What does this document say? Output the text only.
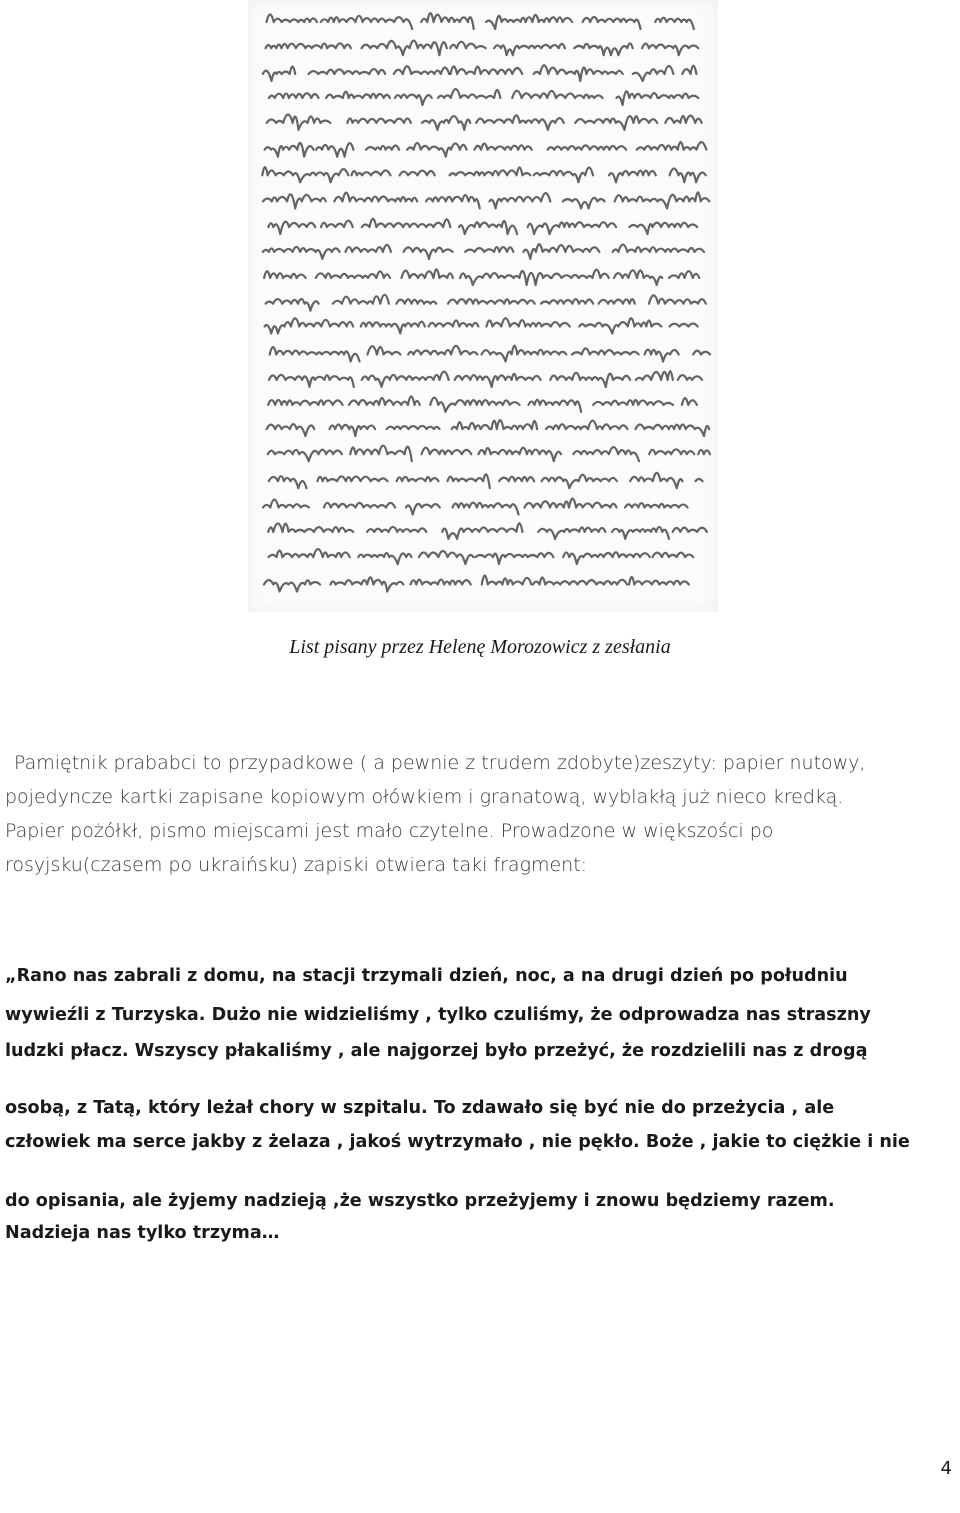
List pisany przez Helenę Morozowicz z zesłania
Pamiętnik prababci to przypadkowe ( a pewnie z trudem zdobyte)zeszyty: papier nutowy,
pojedyncze kartki zapisane kopiowym ołówkiem i granatową, wyblakłą już nieco kredką.
Papier pożółkł, pismo miejscami jest mało czytelne. Prowadzone w większości po
rosyjsku(czasem po ukraińsku) zapiski otwiera taki fragment:
„Rano nas zabrali z domu, na stacji trzymali dzień, noc, a na drugi dzień po południu
wywieźli z Turzyska. Dużo nie widzieliśmy , tylko czuliśmy, że odprowadza nas straszny
ludzki płacz. Wszyscy płakaliśmy , ale najgorzej było przeżyć, że rozdzielili nas z drogą
osobą, z Tatą, który leżał chory w szpitalu. To zdawało się być nie do przeżycia , ale
człowiek ma serce jakby z żelaza , jakoś wytrzymało , nie pękło. Boże , jakie to ciężkie i nie
do opisania, ale żyjemy nadzieją ,że wszystko przeżyjemy i znowu będziemy razem.
Nadzieja nas tylko trzyma…
4
